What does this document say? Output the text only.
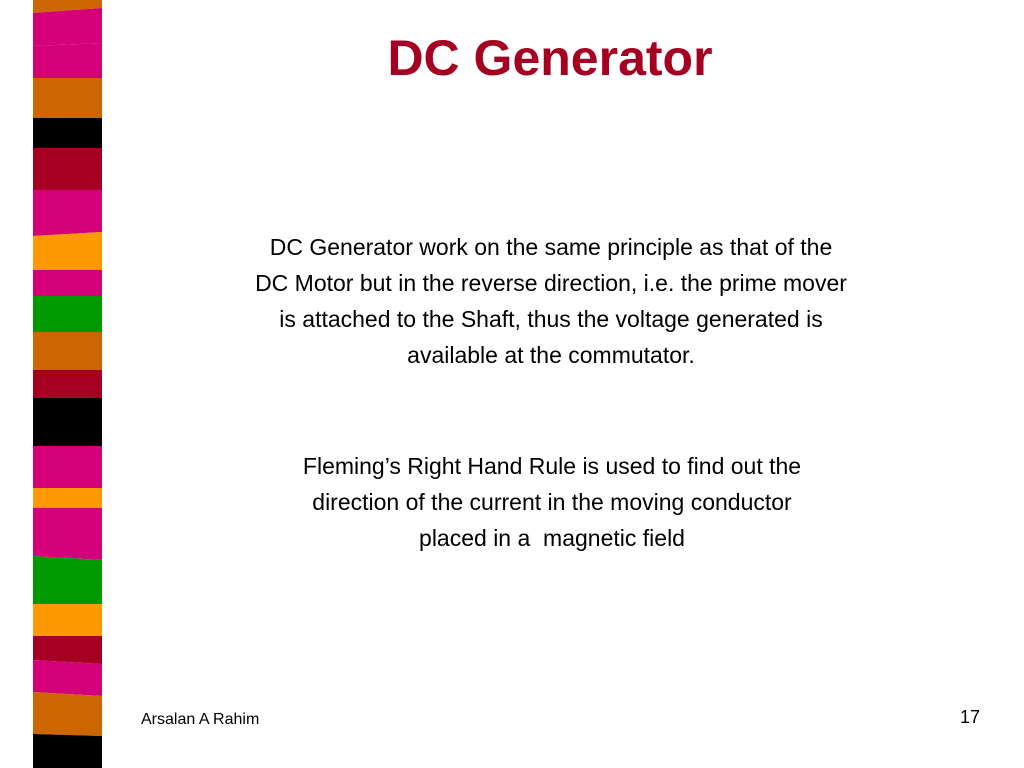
DC Generator

DC Generator work on the same principle as that of the
DC Motor but in the reverse direction, i.e. the prime mover
is attached to the Shaft, thus the voltage generated is
available at the commutator.

Fleming’s Right Hand Rule is used to find out the
direction of the current in the moving conductor
placed in a  magnetic field

Arsalan A Rahim	17
